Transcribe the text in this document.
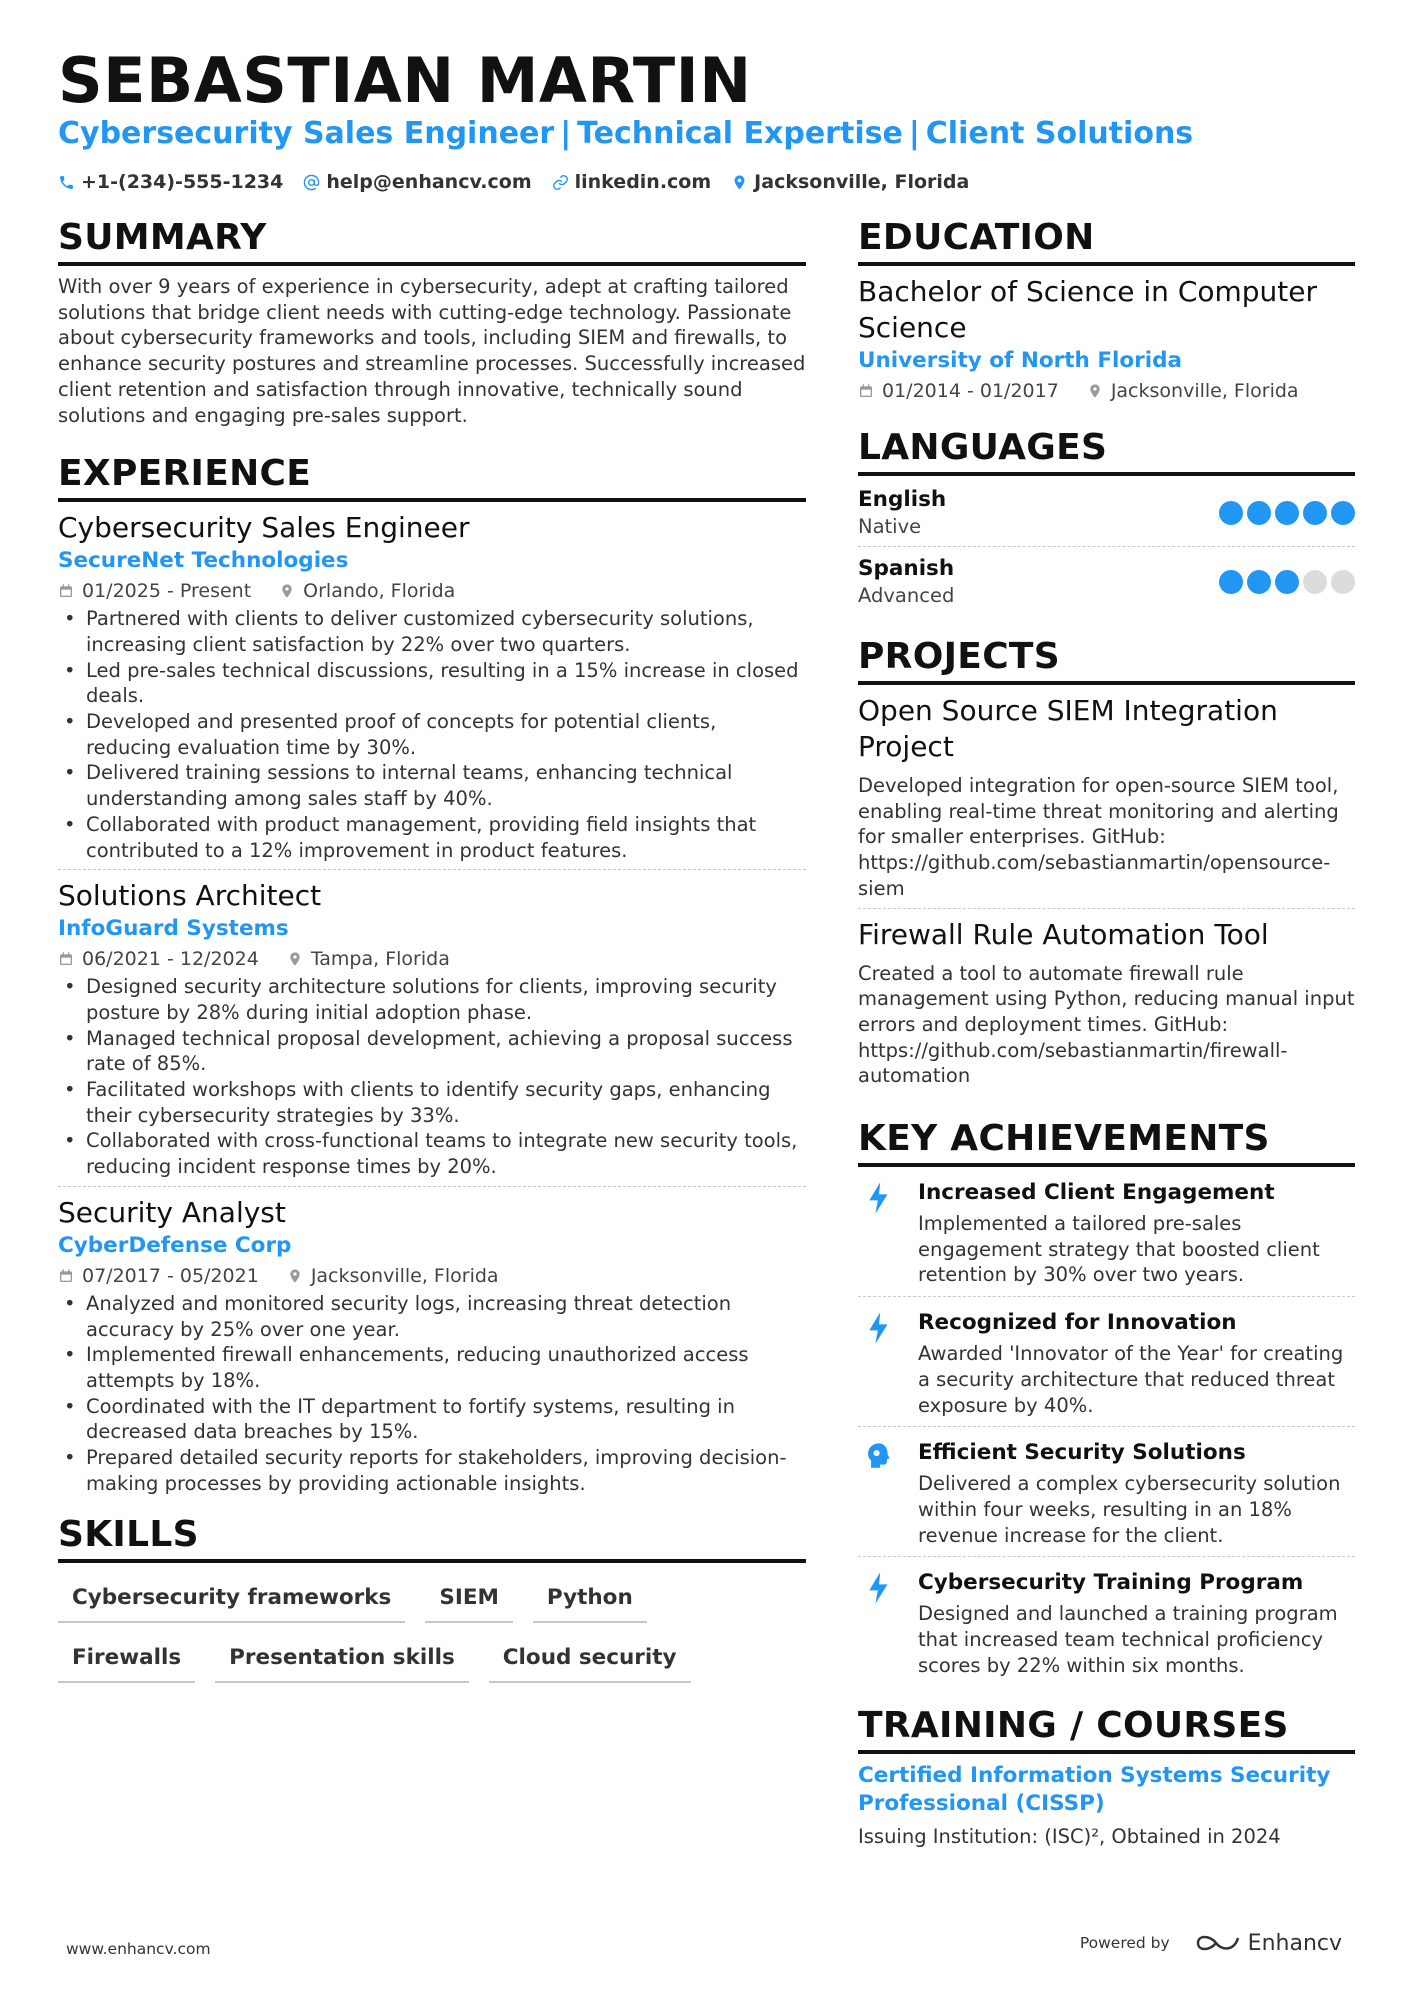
SEBASTIAN MARTIN
Cybersecurity Sales Engineer | Technical Expertise | Client Solutions
+1-(234)-555-1234 help@enhancv.com linkedin.com Jacksonville, Florida
SUMMARY
With over 9 years of experience in cybersecurity, adept at crafting tailored solutions that bridge client needs with cutting-edge technology. Passionate about cybersecurity frameworks and tools, including SIEM and firewalls, to enhance security postures and streamline processes. Successfully increased client retention and satisfaction through innovative, technically sound solutions and engaging pre-sales support.
EXPERIENCE
Cybersecurity Sales Engineer
SecureNet Technologies
01/2025 - Present	Orlando, Florida
• Partnered with clients to deliver customized cybersecurity solutions, increasing client satisfaction by 22% over two quarters.
• Led pre-sales technical discussions, resulting in a 15% increase in closed deals.
• Developed and presented proof of concepts for potential clients, reducing evaluation time by 30%.
• Delivered training sessions to internal teams, enhancing technical understanding among sales staff by 40%.
• Collaborated with product management, providing field insights that contributed to a 12% improvement in product features.
Solutions Architect
InfoGuard Systems
06/2021 - 12/2024	Tampa, Florida
• Designed security architecture solutions for clients, improving security posture by 28% during initial adoption phase.
• Managed technical proposal development, achieving a proposal success rate of 85%.
• Facilitated workshops with clients to identify security gaps, enhancing their cybersecurity strategies by 33%.
• Collaborated with cross-functional teams to integrate new security tools, reducing incident response times by 20%.
Security Analyst
CyberDefense Corp
07/2017 - 05/2021	Jacksonville, Florida
• Analyzed and monitored security logs, increasing threat detection accuracy by 25% over one year.
• Implemented firewall enhancements, reducing unauthorized access attempts by 18%.
• Coordinated with the IT department to fortify systems, resulting in decreased data breaches by 15%.
• Prepared detailed security reports for stakeholders, improving decision-making processes by providing actionable insights.
SKILLS
Cybersecurity frameworks	SIEM	Python
Firewalls	Presentation skills	Cloud security
EDUCATION
Bachelor of Science in Computer Science
University of North Florida
01/2014 - 01/2017	Jacksonville, Florida
LANGUAGES
English
Native
Spanish
Advanced
PROJECTS
Open Source SIEM Integration Project
Developed integration for open-source SIEM tool, enabling real-time threat monitoring and alerting for smaller enterprises. GitHub: https://github.com/sebastianmartin/opensource-siem
Firewall Rule Automation Tool
Created a tool to automate firewall rule management using Python, reducing manual input errors and deployment times. GitHub: https://github.com/sebastianmartin/firewall-automation
KEY ACHIEVEMENTS
Increased Client Engagement
Implemented a tailored pre-sales engagement strategy that boosted client retention by 30% over two years.
Recognized for Innovation
Awarded 'Innovator of the Year' for creating a security architecture that reduced threat exposure by 40%.
Efficient Security Solutions
Delivered a complex cybersecurity solution within four weeks, resulting in an 18% revenue increase for the client.
Cybersecurity Training Program
Designed and launched a training program that increased team technical proficiency scores by 22% within six months.
TRAINING / COURSES
Certified Information Systems Security Professional (CISSP)
Issuing Institution: (ISC)², Obtained in 2024
www.enhancv.com	Powered by	Enhancv
